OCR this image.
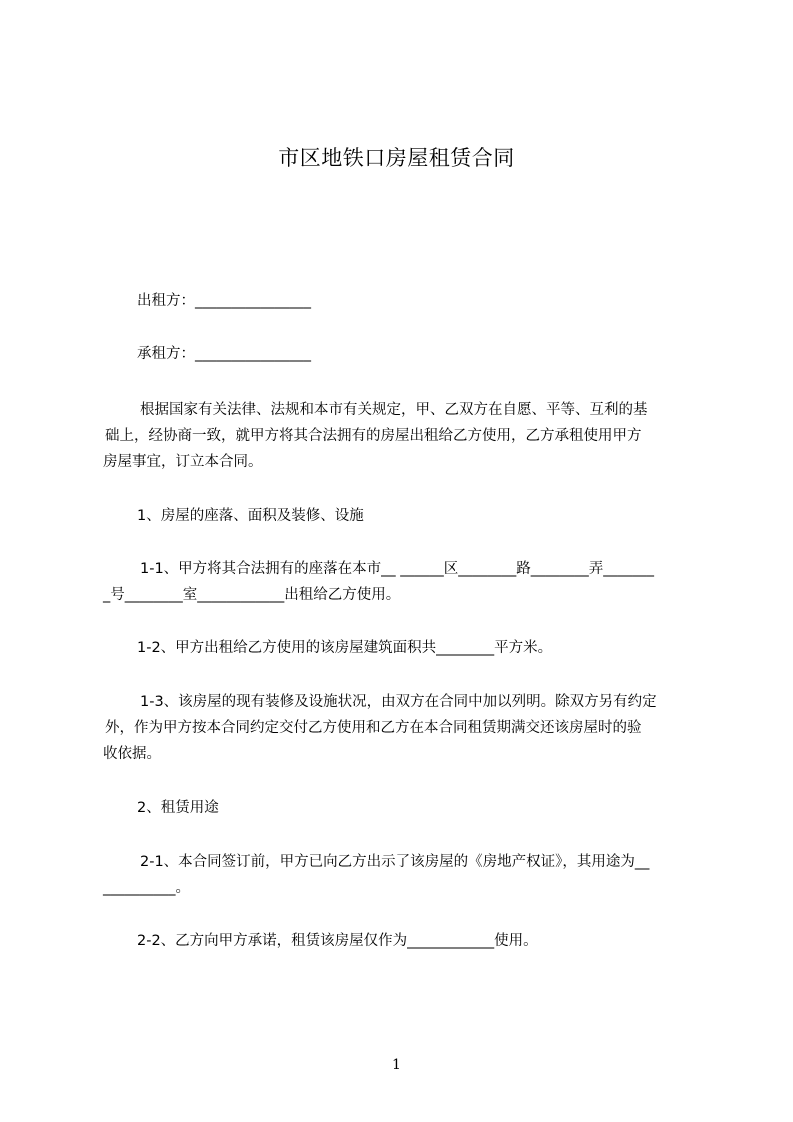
市区地铁口房屋租赁合同
出租方：________________
承租方：________________
根据国家有关法律、法规和本市有关规定，甲、乙双方在自愿、平等、互利的基
础上，经协商一致，就甲方将其合法拥有的房屋出租给乙方使用，乙方承租使用甲方
房屋事宜，订立本合同。
1、房屋的座落、面积及装修、设施
1-1、甲方将其合法拥有的座落在本市__ ______区________路________弄_______
_号________室____________出租给乙方使用。
1-2、甲方出租给乙方使用的该房屋建筑面积共________平方米。
1-3、该房屋的现有装修及设施状况，由双方在合同中加以列明。除双方另有约定
外，作为甲方按本合同约定交付乙方使用和乙方在本合同租赁期满交还该房屋时的验
收依据。
2、租赁用途
2-1、本合同签订前，甲方已向乙方出示了该房屋的《房地产权证》，其用途为__
__________。
2-2、乙方向甲方承诺，租赁该房屋仅作为____________使用。
1
